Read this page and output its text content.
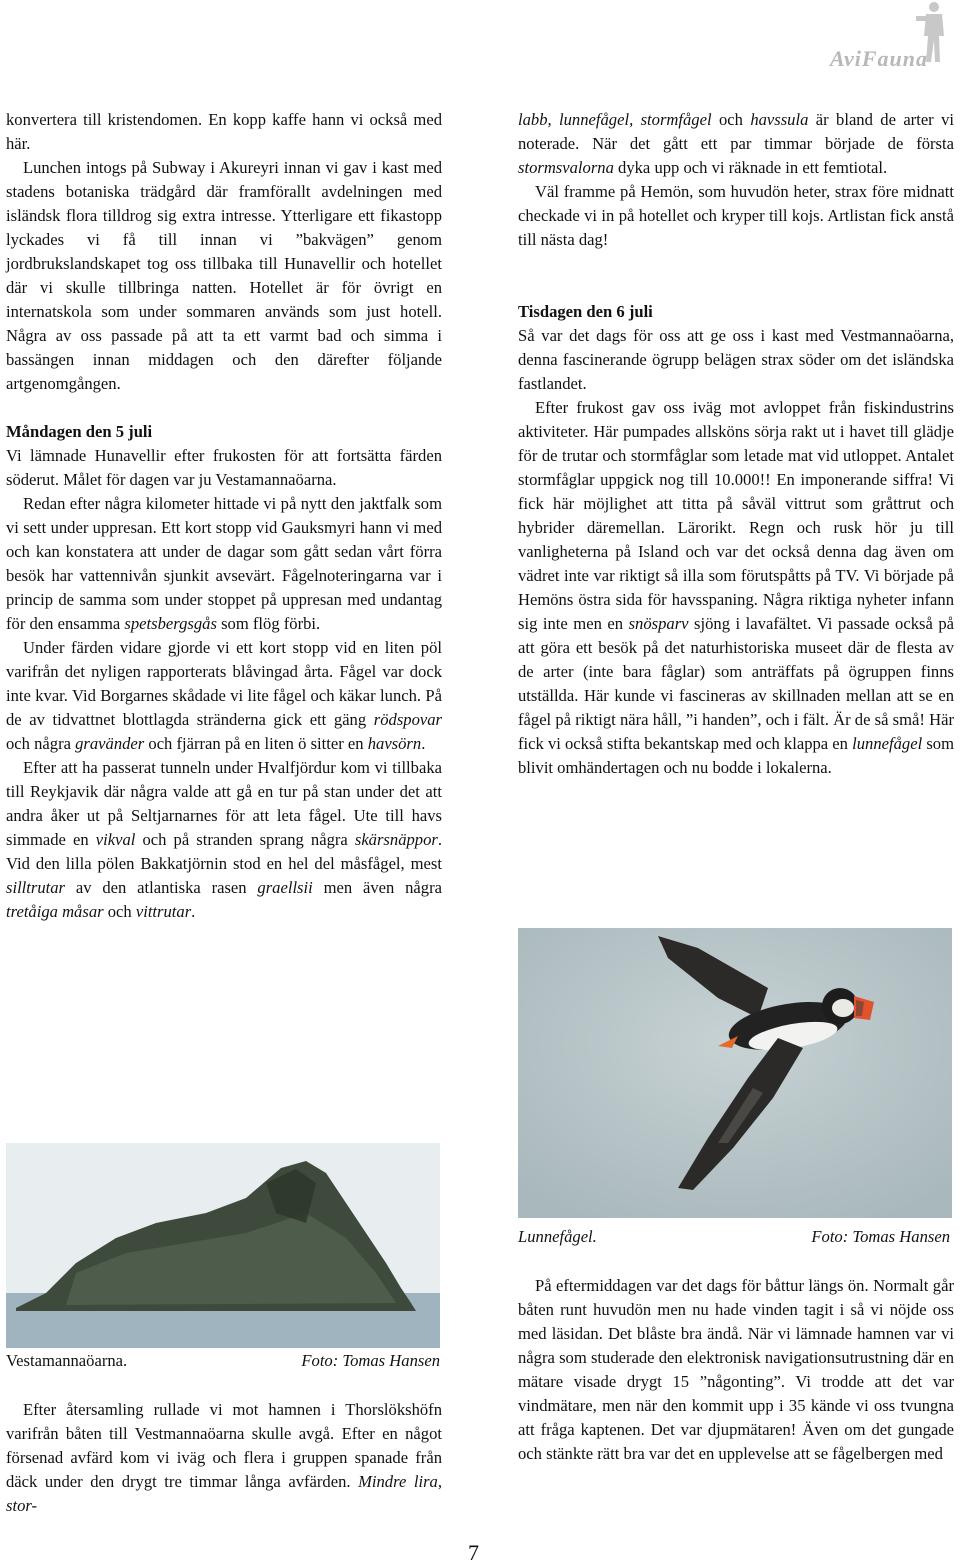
AviFauna

konvertera till kristendomen. En kopp kaffe hann vi också med här.

Lunchen intogs på Subway i Akureyri innan vi gav i kast med stadens botaniska trädgård där framförallt avdelningen med isländsk flora tilldrog sig extra intresse. Ytterligare ett fikastopp lyckades vi få till innan vi ”bakvägen” genom jordbrukslandskapet tog oss tillbaka till Hunavellir och hotellet där vi skulle tillbringa natten. Hotellet är för övrigt en internatskola som under sommaren används som just hotell. Några av oss passade på att ta ett varmt bad och simma i bassängen innan middagen och den därefter följande artgenomgången.

Måndagen den 5 juli

Vi lämnade Hunavellir efter frukosten för att fortsätta färden söderut. Målet för dagen var ju Vestamannaöarna.

Redan efter några kilometer hittade vi på nytt den jaktfalk som vi sett under uppresan. Ett kort stopp vid Gauksmyri hann vi med och kan konstatera att under de dagar som gått sedan vårt förra besök har vattennivån sjunkit avsevärt. Fågelnoteringarna var i princip de samma som under stoppet på uppresan med undantag för den ensamma spetsbergsgås som flög förbi.

Under färden vidare gjorde vi ett kort stopp vid en liten pöl varifrån det nyligen rapporterats blåvingad årta. Fågel var dock inte kvar. Vid Borgarnes skådade vi lite fågel och käkar lunch. På de av tidvattnet blottlagda stränderna gick ett gäng rödspovar och några gravänder och fjärran på en liten ö sitter en havsörn.

Efter att ha passerat tunneln under Hvalfjördur kom vi tillbaka till Reykjavik där några valde att gå en tur på stan under det att andra åker ut på Seltjarnarnes för att leta fågel. Ute till havs simmade en vikval och på stranden sprang några skärsnäppor. Vid den lilla pölen Bakkatjörnin stod en hel del måsfågel, mest silltrutar av den atlantiska rasen graellsii men även några tretåiga måsar och vittrutar.

Vestamannaöarna.	Foto: Tomas Hansen

Efter återsamling rullade vi mot hamnen i Thorslökshöfn varifrån båten till Vestmannaöarna skulle avgå. Efter en något försenad avfärd kom vi iväg och flera i gruppen spanade från däck under den drygt tre timmar långa avfärden. Mindre lira, stor-

labb, lunnefågel, stormfågel och havssula är bland de arter vi noterade. När det gått ett par timmar började de första stormsvalorna dyka upp och vi räknade in ett femtiotal.

Väl framme på Hemön, som huvudön heter, strax före midnatt checkade vi in på hotellet och kryper till kojs. Artlistan fick anstå till nästa dag!

Tisdagen den 6 juli

Så var det dags för oss att ge oss i kast med Vestmannaöarna, denna fascinerande ögrupp belägen strax söder om det isländska fastlandet.

Efter frukost gav oss iväg mot avloppet från fiskindustrins aktiviteter. Här pumpades allsköns sörja rakt ut i havet till glädje för de trutar och stormfåglar som letade mat vid utloppet. Antalet stormfåglar uppgick nog till 10.000!! En imponerande siffra! Vi fick här möjlighet att titta på såväl vittrut som gråttrut och hybrider däremellan. Lärorikt. Regn och rusk hör ju till vanligheterna på Island och var det också denna dag även om vädret inte var riktigt så illa som förutspåtts på TV. Vi började på Hemöns östra sida för havsspaning. Några riktiga nyheter infann sig inte men en snösparv sjöng i lavafältet. Vi passade också på att göra ett besök på det naturhistoriska museet där de flesta av de arter (inte bara fåglar) som anträffats på ögruppen finns utställda. Här kunde vi fascineras av skillnaden mellan att se en fågel på riktigt nära håll, ”i handen”, och i fält. Är de så små! Här fick vi också stifta bekantskap med och klappa en lunnefågel som blivit omhändertagen och nu bodde i lokalerna.

Lunnefågel.	Foto: Tomas Hansen

På eftermiddagen var det dags för båttur längs ön. Normalt går båten runt huvudön men nu hade vinden tagit i så vi nöjde oss med läsidan. Det blåste bra ändå. När vi lämnade hamnen var vi några som studerade den elektronisk navigationsutrustning där en mätare visade drygt 15 ”någonting”. Vi trodde att det var vindmätare, men när den kommit upp i 35 kände vi oss tvungna att fråga kaptenen. Det var djupmätaren! Även om det gungade och stänkte rätt bra var det en upplevelse att se fågelbergen med

7
